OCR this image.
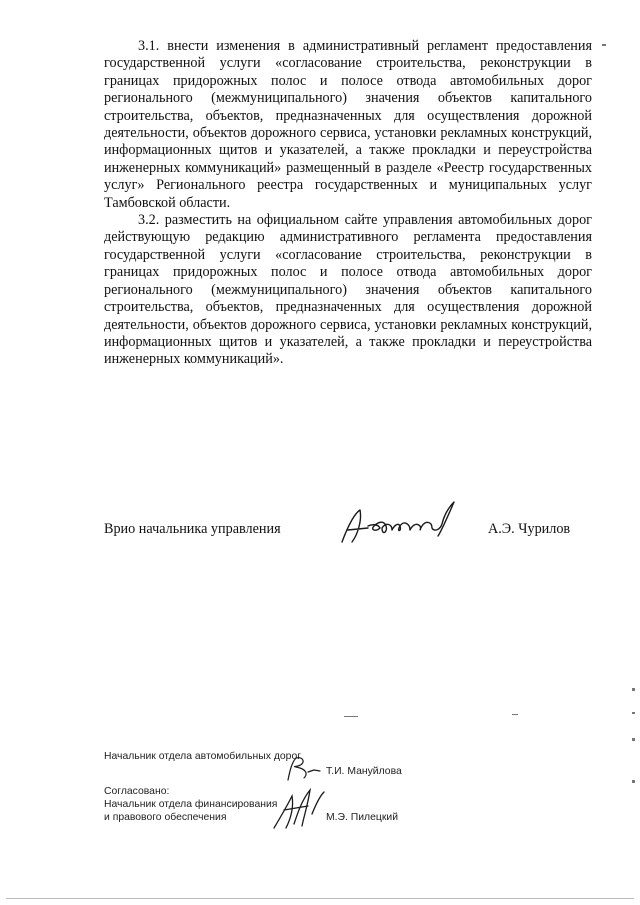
3.1. внести изменения в административный регламент предоставления государственной услуги «согласование строительства, реконструкции в границах придорожных полос и полосе отвода автомобильных дорог регионального (межмуниципального) значения объектов капитального строительства, объектов, предназначенных для осуществления дорожной деятельности, объектов дорожного сервиса, установки рекламных конструкций, информационных щитов и указателей, а также прокладки и переустройства инженерных коммуникаций» размещенный в разделе «Реестр государственных услуг» Регионального реестра государственных и муниципальных услуг Тамбовской области.

3.2. разместить на официальном сайте управления автомобильных дорог действующую редакцию административного регламента предоставления государственной услуги «согласование строительства, реконструкции в границах придорожных полос и полосе отвода автомобильных дорог регионального (межмуниципального) значения объектов капитального строительства, объектов, предназначенных для осуществления дорожной деятельности, объектов дорожного сервиса, установки рекламных конструкций, информационных щитов и указателей, а также прокладки и переустройства инженерных коммуникаций».

Врио начальника управления	А.Э. Чурилов
Начальник отдела автомобильных дорог
Т.И. Мануйлова
Согласовано:
Начальник отдела финансирования
и правового обеспечения	М.Э. Пилецкий
